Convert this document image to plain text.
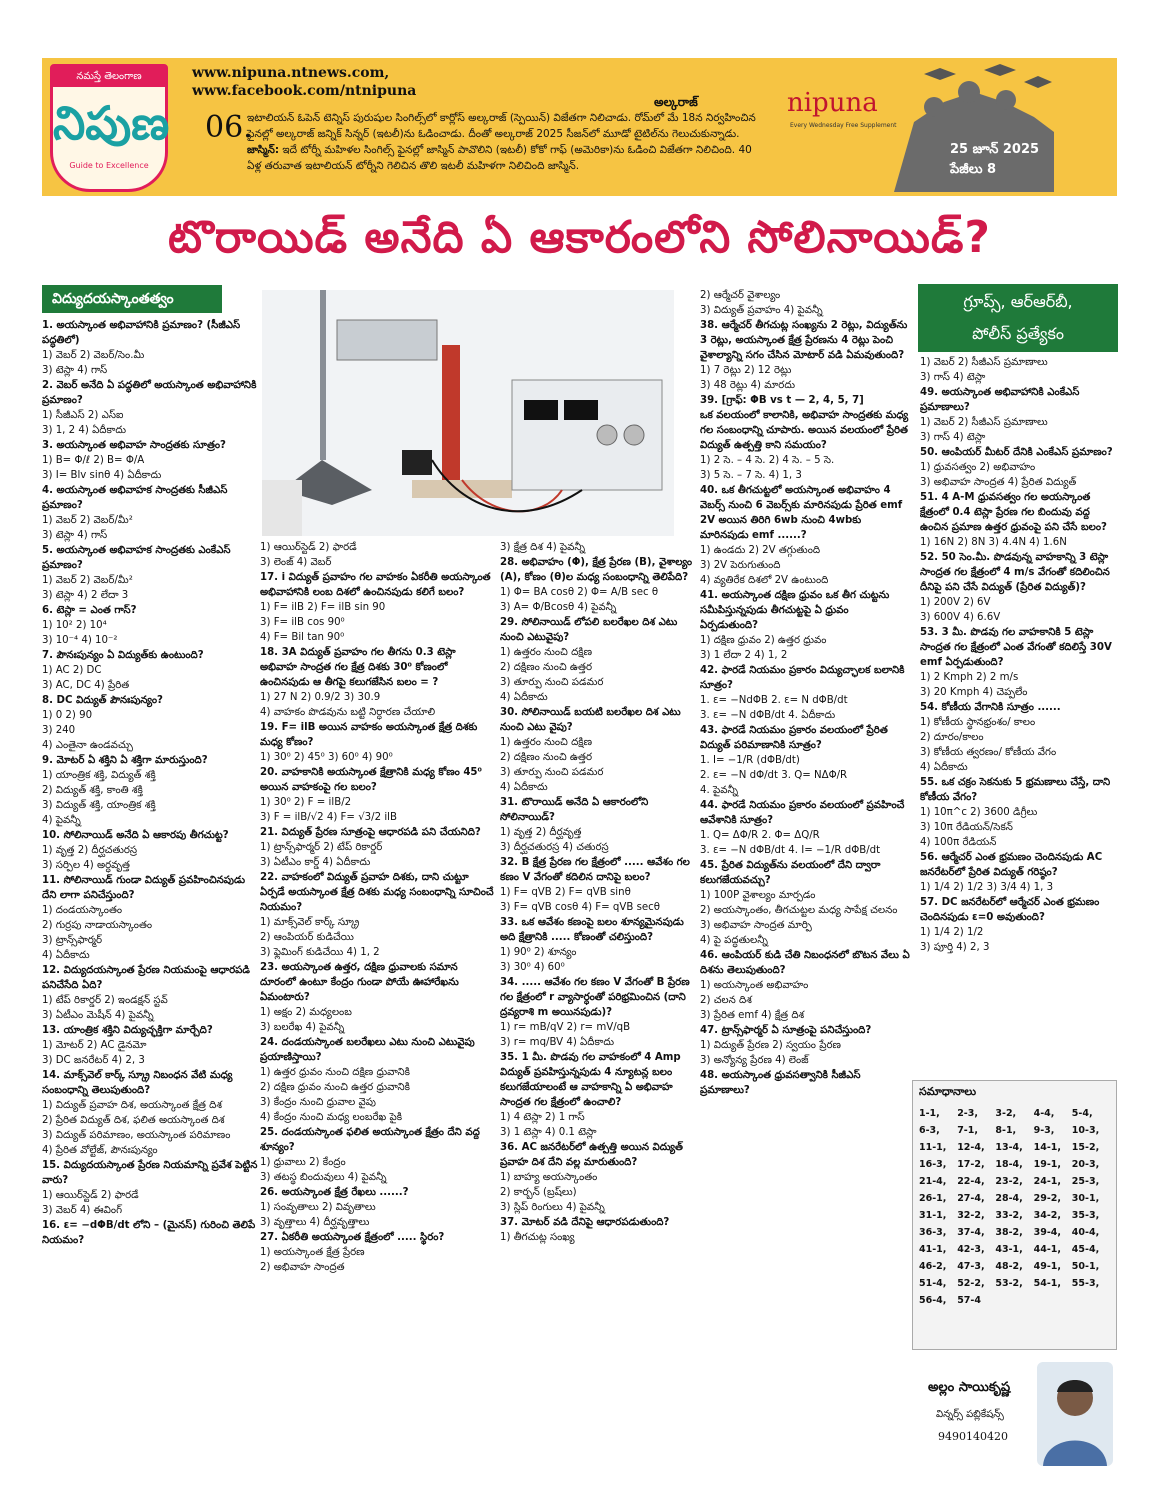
నమస్తే తెలంగాణ
నిపుణ
Guide to Excellence
06.
www.nipuna.ntnews.com,
www.facebook.com/ntnipuna
అల్కరాజ్
ఇటాలియన్ ఓపెన్ టెన్నిస్ పురుషుల సింగిల్స్‌లో కార్లోస్ అల్కరాజ్ (స్పెయిన్) విజేతగా నిలిచాడు. రోమ్‌లో మే 18న నిర్వహించిన ఫైనల్లో అల్కరాజ్ జన్నిక్ సిన్నర్ (ఇటలీ)ను ఓడించాడు. దీంతో అల్కరాజ్ 2025 సీజన్‌లో మూడో టైటిల్‌ను గెలుచుకున్నాడు. జాస్మిన్: ఇదే టోర్నీ మహిళల సింగిల్స్ ఫైనల్లో జాస్మిన్ పావొలిని (ఇటలీ) కోకో గాఫ్ (అమెరికా)ను ఓడించి విజేతగా నిలిచింది. 40 ఏళ్ల తరువాత ఇటాలియన్ టోర్నీని గెలిచిన తొలి ఇటలీ మహిళగా నిలిచింది జాస్మిన్.
nipuna
Every Wednesday Free Supplement
25 జూన్ 2025
పేజీలు 8
టొరాయిడ్ అనేది ఏ ఆకారంలోని సోలినాయిడ్?
విద్యుదయస్కాంతత్వం	గ్రూప్స్, ఆర్ఆర్‌బీ,
పోలీస్ ప్రత్యేకం

1. అయస్కాంత అభివాహానికి ప్రమాణం? (సీజీఎస్ పద్ధతిలో)

1) వెబర్ 2) వెబర్/సెం.మీ

3) టెస్లా 4) గాస్

2. వెబర్ అనేది ఏ పద్ధతిలో అయస్కాంత అభివాహానికి ప్రమాణం?

1) సీజీఎస్ 2) ఎస్ఐ

3) 1, 2 4) ఏదీకాదు

3. అయస్కాంత అభివాహ సాంద్రతకు సూత్రం?

1) B= Φ/ℓ 2) B= Φ/A

3) I= Blv sinθ 4) ఏదీకాదు

4. అయస్కాంత అభివాహక సాంద్రతకు సీజీఎస్ ప్రమాణం?

1) వెబర్ 2) వెబర్/మీ²

3) టెస్లా 4) గాస్

5. అయస్కాంత అభివాహక సాంద్రతకు ఎంకేఎస్ ప్రమాణం?

1) వెబర్ 2) వెబర్/మీ²

3) టెస్లా 4) 2 లేదా 3

6. టెస్లా = ఎంత గాస్?

1) 10² 2) 10⁴

3) 10⁻⁴ 4) 10⁻²

7. పౌనఃపున్యం ఏ విద్యుత్‌కు ఉంటుంది?

1) AC 2) DC

3) AC, DC 4) ప్రేరిత

8. DC విద్యుత్ పౌనఃపున్యం?

1) 0 2) 90

3) 240

4) ఎంతైనా ఉండవచ్చు

9. మోటర్ ఏ శక్తిని ఏ శక్తిగా మారుస్తుంది?

1) యాంత్రిక శక్తి, విద్యుత్ శక్తి

2) విద్యుత్ శక్తి, కాంతి శక్తి

3) విద్యుత్ శక్తి, యాంత్రిక శక్తి

4) పైవన్నీ

10. సోలినాయిడ్ అనేది ఏ ఆకారపు తీగచుట్ట?

1) వృత్త 2) దీర్ఘచతురస్ర

3) సర్పిల 4) అర్ధవృత్త

11. సోలినాయిడ్ గుండా విద్యుత్ ప్రవహించినపుడు దేని లాగా పనిచేస్తుంది?

1) దండయస్కాంతం

2) గుర్రపు నాడాయస్కాంతం

3) ట్రాన్స్‌ఫార్మర్

4) ఏదీకాదు

12. విద్యుదయస్కాంత ప్రేరణ నియమంపై ఆధారపడి పనిచేసేది ఏది?

1) టేప్ రికార్డర్ 2) ఇండక్షన్ స్టవ్

3) ఏటీఎం మెషీన్ 4) పైవన్నీ

13. యాంత్రిక శక్తిని విద్యుచ్ఛక్తిగా మార్చేది?

1) మోటర్ 2) AC డైనమో

3) DC జనరేటర్ 4) 2, 3

14. మాక్స్‌వెల్ కార్క్ స్క్రూ నిబంధన వేటి మధ్య సంబంధాన్ని తెలుపుతుంది?

1) విద్యుత్ ప్రవాహ దిశ, అయస్కాంత క్షేత్ర దిశ

2) ప్రేరిత విద్యుత్ దిశ, ఫలిత అయస్కాంత దిశ

3) విద్యుత్ పరిమాణం, అయస్కాంత పరిమాణం

4) ప్రేరిత వోల్టేజ్, పౌనఃపున్యం

15. విద్యుదయస్కాంత ప్రేరణ నియమాన్ని ప్రవేశ పెట్టిన వారు?

1) ఆయిర్‌స్టెడ్ 2) ఫారడే

3) వెబర్ 4) ఈవింగ్

16. ε= −dΦB/dt లోని – (మైనస్) గురించి తెలిపే నియమం?

1) ఆయిర్‌స్టెడ్ 2) ఫారడే

3) లెంజ్ 4) వెబర్

17. i విద్యుత్ ప్రవాహం గల వాహకం ఏకరీతి అయస్కాంత అభివాహానికి లంబ దిశలో ఉంచినపుడు కలిగే బలం?

1) F= ilB 2) F= ilB sin 90

3) F= ilB cos 90⁰

4) F= Bil tan 90⁰

18. 3A విద్యుత్ ప్రవాహం గల తీగను 0.3 టెస్లా అభివాహ సాంద్రత గల క్షేత్ర దిశకు 30⁰ కోణంలో ఉంచినపుడు ఆ తీగపై కలుగజేసిన బలం = ?

1) 27 N 2) 0.9/2 3) 30.9

4) వాహకం పొడవును బట్టి నిర్ధారణ చేయాలి

19. F= ilB అయిన వాహకం అయస్కాంత క్షేత్ర దిశకు మధ్య కోణం?

1) 30⁰ 2) 45⁰ 3) 60⁰ 4) 90⁰

20. వాహకానికి అయస్కాంత క్షేత్రానికి మధ్య కోణం 45⁰ అయిన వాహకంపై గల బలం?

1) 30⁰ 2) F = ilB/2

3) F = ilB/√2 4) F= √3/2 ilB

21. విద్యుత్ ప్రేరణ సూత్రంపై ఆధారపడి పని చేయనిది?

1) ట్రాన్స్‌ఫార్మర్ 2) టేప్ రికార్డర్

3) ఏటీఎం కార్డ్ 4) ఏదీకాదు

22. వాహకంలో విద్యుత్ ప్రవాహ దిశకు, దాని చుట్టూ ఏర్పడే అయస్కాంత క్షేత్ర దిశకు మధ్య సంబంధాన్ని సూచించే నియమం?

1) మాక్స్‌వెల్ కార్క్ స్క్రూ

2) ఆంపియర్ కుడిచేయి

3) ఫ్లెమింగ్ కుడిచేయి 4) 1, 2

23. అయస్కాంత ఉత్తర, దక్షిణ ధ్రువాలకు సమాన దూరంలో ఉంటూ కేంద్రం గుండా పోయే ఊహారేఖను ఏమంటారు?

1) అక్షం 2) మధ్యలంబ

3) బలరేఖ 4) పైవన్నీ

24. దండయస్కాంత బలరేఖలు ఎటు నుంచి ఎటువైపు ప్రయాణిస్తాయి?

1) ఉత్తర ధ్రువం నుంచి దక్షిణ ధ్రువానికి

2) దక్షిణ ధ్రువం నుంచి ఉత్తర ధ్రువానికి

3) కేంద్రం నుంచి ధ్రువాల వైపు

4) కేంద్రం నుంచి మధ్య లంబరేఖ పైకి

25. దండయస్కాంత ఫలిత అయస్కాంత క్షేత్రం దేని వద్ద శూన్యం?

1) ధ్రువాలు 2) కేంద్రం

3) తటస్థ బిందువులు 4) పైవన్నీ

26. అయస్కాంత క్షేత్ర రేఖలు ......?

1) సంవృతాలు 2) వివృతాలు

3) వృత్తాలు 4) దీర్ఘవృత్తాలు

27. ఏకరీతి అయస్కాంత క్షేత్రంలో ..... స్థిరం?

1) అయస్కాంత క్షేత్ర ప్రేరణ

2) అభివాహ సాంద్రత

3) క్షేత్ర దిశ 4) పైవన్నీ

28. అభివాహం (Φ), క్షేత్ర ప్రేరణ (B), వైశాల్యం (A), కోణం (θ)ల మధ్య సంబంధాన్ని తెలిపేది?

1) Φ= BA cosθ 2) Φ= A/B sec θ

3) A= Φ/Bcosθ 4) పైవన్నీ

29. సోలినాయిడ్ లోపలి బలరేఖల దిశ ఎటు నుంచి ఎటువైపు?

1) ఉత్తరం నుంచి దక్షిణ

2) దక్షిణం నుంచి ఉత్తర

3) తూర్పు నుంచి పడమర

4) ఏదీకాదు

30. సోలినాయిడ్ బయటి బలరేఖల దిశ ఎటు నుంచి ఎటు వైపు?

1) ఉత్తరం నుంచి దక్షిణ

2) దక్షిణం నుంచి ఉత్తర

3) తూర్పు నుంచి పడమర

4) ఏదీకాదు

31. టొరాయిడ్ అనేది ఏ ఆకారంలోని సోలినాయిడ్?

1) వృత్త 2) దీర్ఘవృత్త

3) దీర్ఘచతురస్ర 4) చతురస్ర

32. B క్షేత్ర ప్రేరణ గల క్షేత్రంలో ..... ఆవేశం గల కణం V వేగంతో కదిలిన దానిపై బలం?

1) F= qVB 2) F= qVB sinθ

3) F= qVB cosθ 4) F= qVB secθ

33. ఒక ఆవేశం కణంపై బలం శూన్యమైనపుడు అది క్షేత్రానికి ..... కోణంతో చలిస్తుంది?

1) 90⁰ 2) శూన్యం

3) 30⁰ 4) 60⁰

34. ..... ఆవేశం గల కణం V వేగంతో B ప్రేరణ గల క్షేత్రంలో r వ్యాసార్ధంతో పరిభ్రమించిన (దాని ద్రవ్యరాశి m అయినపుడు)?

1) r= mB/qV 2) r= mV/qB

3) r= mq/BV 4) ఏదీకాదు

35. 1 మీ. పొడవు గల వాహకంలో 4 Amp విద్యుత్ ప్రవహిస్తున్నపుడు 4 న్యూటన్ల బలం కలుగజేయాలంటే ఆ వాహకాన్ని ఏ అభివాహ సాంద్రత గల క్షేత్రంలో ఉంచాలి?

1) 4 టెస్లా 2) 1 గాస్

3) 1 టెస్లా 4) 0.1 టెస్లా

36. AC జనరేటర్‌లో ఉత్పత్తి అయిన విద్యుత్ ప్రవాహ దిశ దేని వల్ల మారుతుంది?

1) బాహ్య అయస్కాంతం

2) కార్బన్ (బ్రష్‌లు)

3) స్లిప్ రింగులు 4) పైవన్నీ

37. మోటర్ వడి దేనిపై ఆధారపడుతుంది?

1) తీగచుట్ల సంఖ్య

2) ఆర్మేచర్ వైశాల్యం

3) విద్యుత్ ప్రవాహం 4) పైవన్నీ

38. ఆర్మేచర్ తీగచుట్ల సంఖ్యను 2 రెట్లు, విద్యుత్‌ను 3 రెట్లు, అయస్కాంత క్షేత్ర ప్రేరణను 4 రెట్లు పెంచి వైశాల్యాన్ని సగం చేసిన మోటార్ వడి ఏమవుతుంది?

1) 7 రెట్లు 2) 12 రెట్లు

3) 48 రెట్లు 4) మారదు

39. [గ్రాఫ్: ΦB vs t — 2, 4, 5, 7]

ఒక వలయంలో కాలానికి, అభివాహ సాంద్రతకు మధ్య గల సంబంధాన్ని చూపారు. అయిన వలయంలో ప్రేరిత విద్యుత్ ఉత్పత్తి కాని సమయం?

1) 2 సె. – 4 సె. 2) 4 సె. – 5 సె.

3) 5 సె. – 7 సె. 4) 1, 3

40. ఒక తీగచుట్టలో అయస్కాంత అభివాహం 4 వెబర్స్ నుంచి 6 వెబర్స్‌కు మారినపుడు ప్రేరిత emf 2V అయిన తిరిగి 6wb నుంచి 4wbకు మారినపుడు emf ......?

1) ఉండదు 2) 2V తగ్గుతుంది

3) 2V పెరుగుతుంది

4) వ్యతిరేక దిశలో 2V ఉంటుంది

41. అయస్కాంత దక్షిణ ధ్రువం ఒక తీగ చుట్టను సమీపిస్తున్నపుడు తీగచుట్టపై ఏ ధ్రువం ఏర్పడుతుంది?

1) దక్షిణ ధ్రువం 2) ఉత్తర ధ్రువం

3) 1 లేదా 2 4) 1, 2

42. ఫారడే నియమం ప్రకారం విద్యుచ్ఛాలక బలానికి సూత్రం?

1. ε= −NdΦB 2. ε= N dΦB/dt

3. ε= −N dΦB/dt 4. ఏదీకాదు

43. ఫారడే నియమం ప్రకారం వలయంలో ప్రేరిత విద్యుత్ పరిమాణానికి సూత్రం?

1. I= −1/R (dΦB/dt)

2. ε= −N dΦ/dt 3. Q= NΔΦ/R

4. పైవన్నీ

44. ఫారడే నియమం ప్రకారం వలయంలో ప్రవహించే ఆవేశానికి సూత్రం?

1. Q= ΔΦ/R 2. Φ= ΔQ/R

3. ε= −N dΦB/dt 4. I= −1/R dΦB/dt

45. ప్రేరిత విద్యుత్‌ను వలయంలో దేని ద్వారా కలుగజేయవచ్చు?

1) 100P వైశాల్యం మార్పడం

2) అయస్కాంతం, తీగచుట్టల మధ్య సాపేక్ష చలనం

3) అభివాహ సాంద్రత మార్పి

4) పై పద్ధతులన్నీ

46. ఆంపియర్ కుడి చేతి నిబంధనలో బొటన వేలు ఏ దిశను తెలుపుతుంది?

1) అయస్కాంత అభివాహం

2) చలన దిశ

3) ప్రేరిత emf 4) క్షేత్ర దిశ

47. ట్రాన్స్‌ఫార్మర్ ఏ సూత్రంపై పనిచేస్తుంది?

1) విద్యుత్ ప్రేరణ 2) స్వయం ప్రేరణ

3) అన్యోన్య ప్రేరణ 4) లెంజ్

48. అయస్కాంత ధ్రువసత్వానికి సీజీఎస్ ప్రమాణాలు?

1) వెబర్ 2) సీజీఎస్ ప్రమాణాలు

3) గాస్ 4) టెస్లా

49. అయస్కాంత అభివాహానికి ఎంకేఎస్ ప్రమాణాలు?

1) వెబర్ 2) సీజీఎస్ ప్రమాణాలు

3) గాస్ 4) టెస్లా

50. ఆంపియర్ మీటర్ దేనికి ఎంకేఎస్ ప్రమాణం?

1) ధ్రువసత్వం 2) అభివాహం

3) అభివాహ సాంద్రత 4) ప్రేరిత విద్యుత్

51. 4 A-M ధ్రువసత్వం గల అయస్కాంత క్షేత్రంలో 0.4 టెస్లా ప్రేరణ గల బిందువు వద్ద ఉంచిన ప్రమాణ ఉత్తర ధ్రువంపై పని చేసే బలం?

1) 16N 2) 8N 3) 4.4N 4) 1.6N

52. 50 సెం.మీ. పొడవున్న వాహకాన్ని 3 టెస్లా సాంద్రత గల క్షేత్రంలో 4 m/s వేగంతో కదిలించిన దీనిపై పని చేసే విద్యుత్ (ప్రేరిత విద్యుత్)?

1) 200V 2) 6V

3) 600V 4) 6.6V

53. 3 మీ. పొడవు గల వాహకానికి 5 టెస్లా సాంద్రత గల క్షేత్రంలో ఎంత వేగంతో కదిలిస్తే 30V emf ఏర్పడుతుంది?

1) 2 Kmph 2) 2 m/s

3) 20 Kmph 4) చెప్పలేం

54. కోణీయ వేగానికి సూత్రం ......

1) కోణీయ స్థానభ్రంశం/ కాలం

2) దూరం/కాలం

3) కోణీయ త్వరణం/ కోణీయ వేగం

4) ఏదీకాదు

55. ఒక చక్రం సెకనుకు 5 భ్రమణాలు చేస్తే, దాని కోణీయ వేగం?

1) 10π^c 2) 3600 డిగ్రీలు

3) 10π రేడియన్/సెకన్

4) 100π రేడియన్

56. ఆర్మేచర్ ఎంత భ్రమణం చెందినపుడు AC జనరేటర్‌లో ప్రేరిత విద్యుత్ గరిష్ఠం?

1) 1/4 2) 1/2 3) 3/4 4) 1, 3

57. DC జనరేటర్‌లో ఆర్మేచర్ ఎంత భ్రమణం చెందినపుడు ε=0 అవుతుంది?

1) 1/4 2) 1/2

3) పూర్తి 4) 2, 3

సమాధానాలు
1-1,	2-3,	3-2,	4-4,	5-4,
6-3,	7-1,	8-1,	9-3,	10-3,
11-1,	12-4,	13-4,	14-1,	15-2,
16-3,	17-2,	18-4,	19-1,	20-3,
21-4,	22-4,	23-2,	24-1,	25-3,
26-1,	27-4,	28-4,	29-2,	30-1,
31-1,	32-2,	33-2,	34-2,	35-3,
36-3,	37-4,	38-2,	39-4,	40-4,
41-1,	42-3,	43-1,	44-1,	45-4,
46-2,	47-3,	48-2,	49-1,	50-1,
51-4,	52-2,	53-2,	54-1,	55-3,
56-4,	57-4
అల్లం సాయికృష్ణ
విన్నర్స్ పబ్లికేషన్స్
9490140420
